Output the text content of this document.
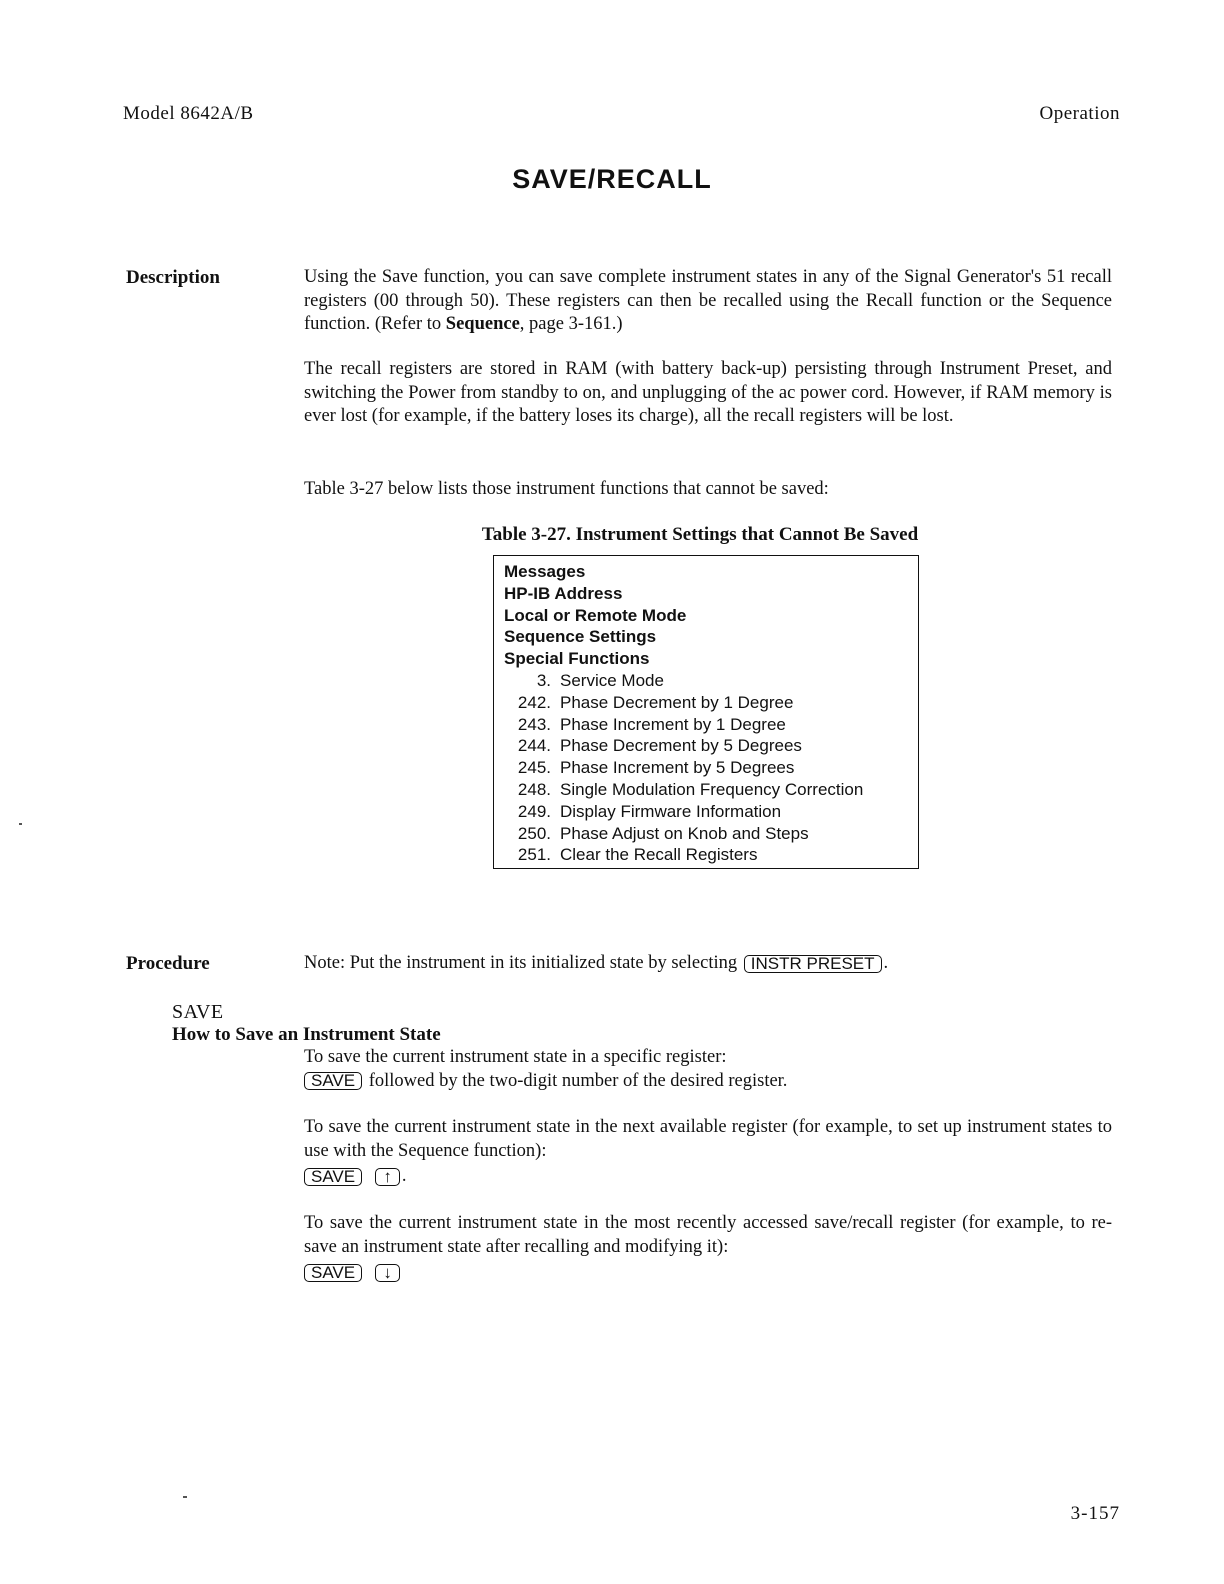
Model 8642A/B	Operation
SAVE/RECALL
Description	Using the Save function, you can save complete instrument states in any of the Signal Generator's 51 recall registers (00 through 50). These registers can then be recalled using the Recall function or the Sequence function. (Refer to Sequence, page 3-161.)

The recall registers are stored in RAM (with battery back-up) persisting through Instrument Preset, and switching the Power from standby to on, and unplugging of the ac power cord. However, if RAM memory is ever lost (for example, if the battery loses its charge), all the recall registers will be lost.

Table 3-27 below lists those instrument functions that cannot be saved:

Table 3-27. Instrument Settings that Cannot Be Saved
Messages
HP-IB Address
Local or Remote Mode
Sequence Settings
Special Functions
3. Service Mode
242. Phase Decrement by 1 Degree
243. Phase Increment by 1 Degree
244. Phase Decrement by 5 Degrees
245. Phase Increment by 5 Degrees
248. Single Modulation Frequency Correction
249. Display Firmware Information
250. Phase Adjust on Knob and Steps
251. Clear the Recall Registers
Procedure	Note: Put the instrument in its initialized state by selecting INSTR PRESET .
SAVE
How to Save an Instrument State
To save the current instrument state in a specific register:
SAVE followed by the two-digit number of the desired register.

To save the current instrument state in the next available register (for example, to set up instrument states to use with the Sequence function):

SAVE ↑ .

To save the current instrument state in the most recently accessed save/recall register (for example, to re-save an instrument state after recalling and modifying it):

SAVE ↓
3-157
